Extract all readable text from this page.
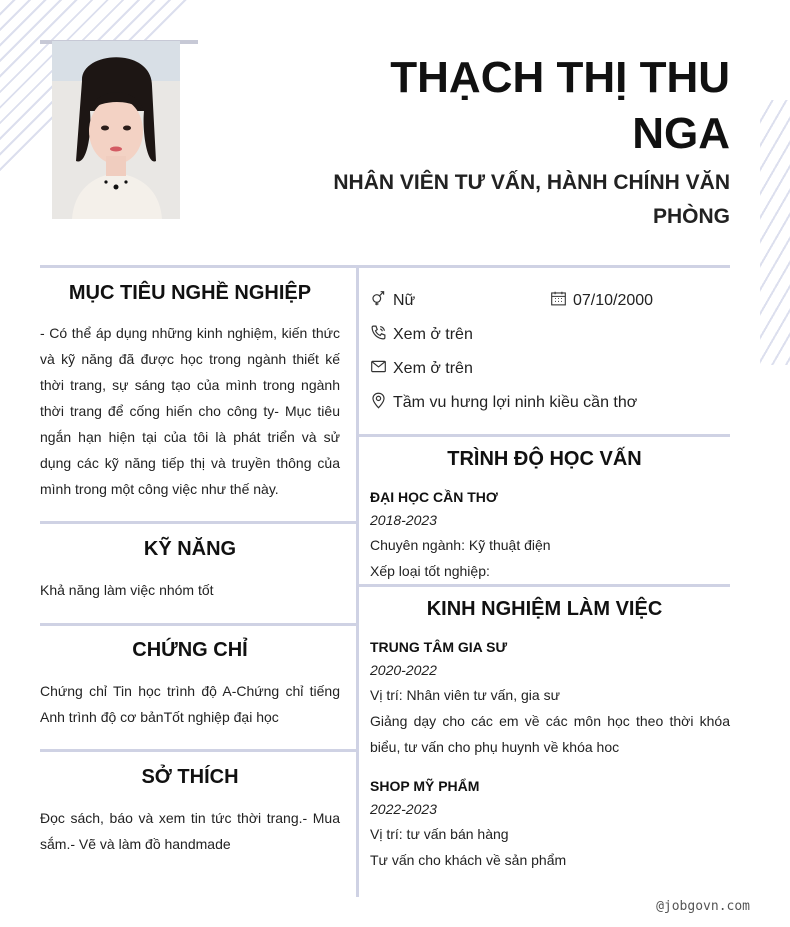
THẠCH THỊ THU NGA
NHÂN VIÊN TƯ VẤN, HÀNH CHÍNH VĂN PHÒNG
MỤC TIÊU NGHỀ NGHIỆP
- Có thể áp dụng những kinh nghiệm, kiến thức và kỹ năng đã được học trong ngành thiết kế thời trang, sự sáng tạo của mình trong ngành thời trang để cống hiến cho công ty- Mục tiêu ngắn hạn hiện tại của tôi là phát triển và sử dụng các kỹ năng tiếp thị và truyền thông của mình trong một công việc như thế này.
KỸ NĂNG
Khả năng làm việc nhóm tốt
CHỨNG CHỈ
Chứng chỉ Tin học trình độ A-Chứng chỉ tiếng Anh trình độ cơ bảnTốt nghiệp đại học
SỞ THÍCH
Đọc sách, báo và xem tin tức thời trang.- Mua sắm.- Vẽ và làm đồ handmade
Nữ	07/10/2000
Xem ở trên
Xem ở trên
Tầm vu hưng lợi ninh kiều cần thơ
TRÌNH ĐỘ HỌC VẤN
ĐẠI HỌC CẦN THƠ
2018-2023
Chuyên ngành: Kỹ thuật điện
Xếp loại tốt nghiệp:
KINH NGHIỆM LÀM VIỆC
TRUNG TÂM GIA SƯ
2020-2022
Vị trí: Nhân viên tư vấn, gia sư
Giảng dạy cho các em về các môn học theo thời khóa biểu, tư vấn cho phụ huynh về khóa hoc
SHOP MỸ PHẨM
2022-2023
Vị trí: tư vấn bán hàng
Tư vấn cho khách về sản phẩm
@jobgovn.com
